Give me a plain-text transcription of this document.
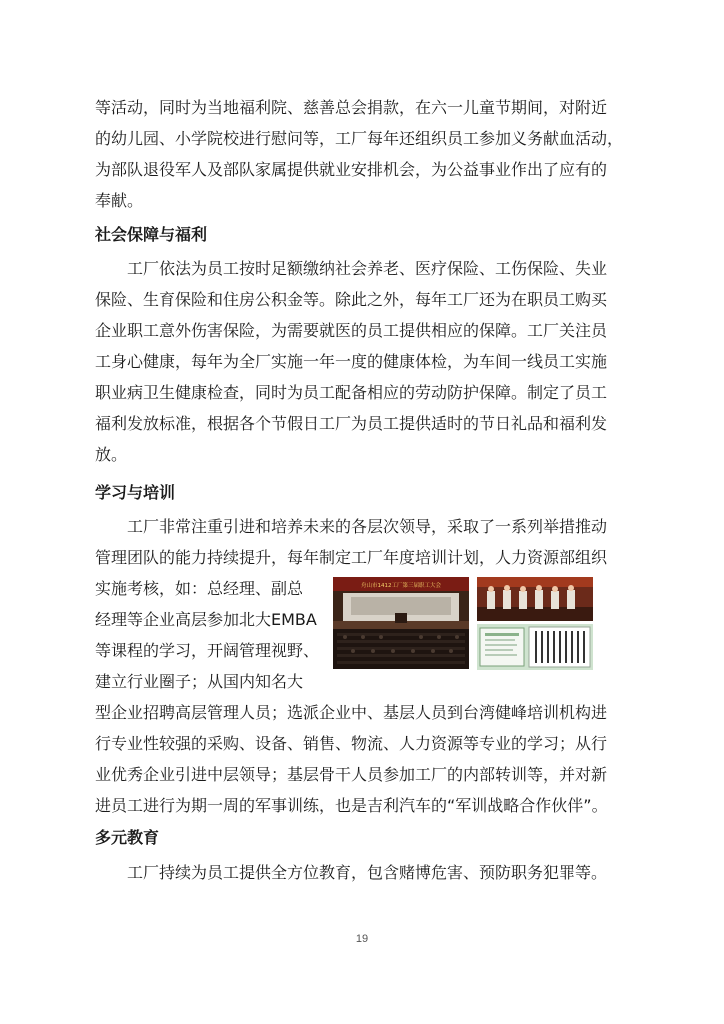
等活动，同时为当地福利院、慈善总会捐款，在六一儿童节期间，对附近
的幼儿园、小学院校进行慰问等，工厂每年还组织员工参加义务献血活动，
为部队退役军人及部队家属提供就业安排机会，为公益事业作出了应有的
奉献。
社会保障与福利
工厂依法为员工按时足额缴纳社会养老、医疗保险、工伤保险、失业
保险、生育保险和住房公积金等。除此之外，每年工厂还为在职员工购买
企业职工意外伤害保险，为需要就医的员工提供相应的保障。工厂关注员
工身心健康，每年为全厂实施一年一度的健康体检，为车间一线员工实施
职业病卫生健康检查，同时为员工配备相应的劳动防护保障。制定了员工
福利发放标准，根据各个节假日工厂为员工提供适时的节日礼品和福利发
放。
学习与培训
工厂非常注重引进和培养未来的各层次领导，采取了一系列举措推动
管理团队的能力持续提升，每年制定工厂年度培训计划，人力资源部组织
实施考核，如：总经理、副总
经理等企业高层参加北大EMBA
等课程的学习，开阔管理视野、
建立行业圈子；从国内知名大
舟山市1412工厂第三届职工大会
型企业招聘高层管理人员；选派企业中、基层人员到台湾健峰培训机构进
行专业性较强的采购、设备、销售、物流、人力资源等专业的学习；从行
业优秀企业引进中层领导；基层骨干人员参加工厂的内部转训等，并对新
进员工进行为期一周的军事训练，也是吉利汽车的“军训战略合作伙伴”。
多元教育
工厂持续为员工提供全方位教育，包含赌博危害、预防职务犯罪等。
19
